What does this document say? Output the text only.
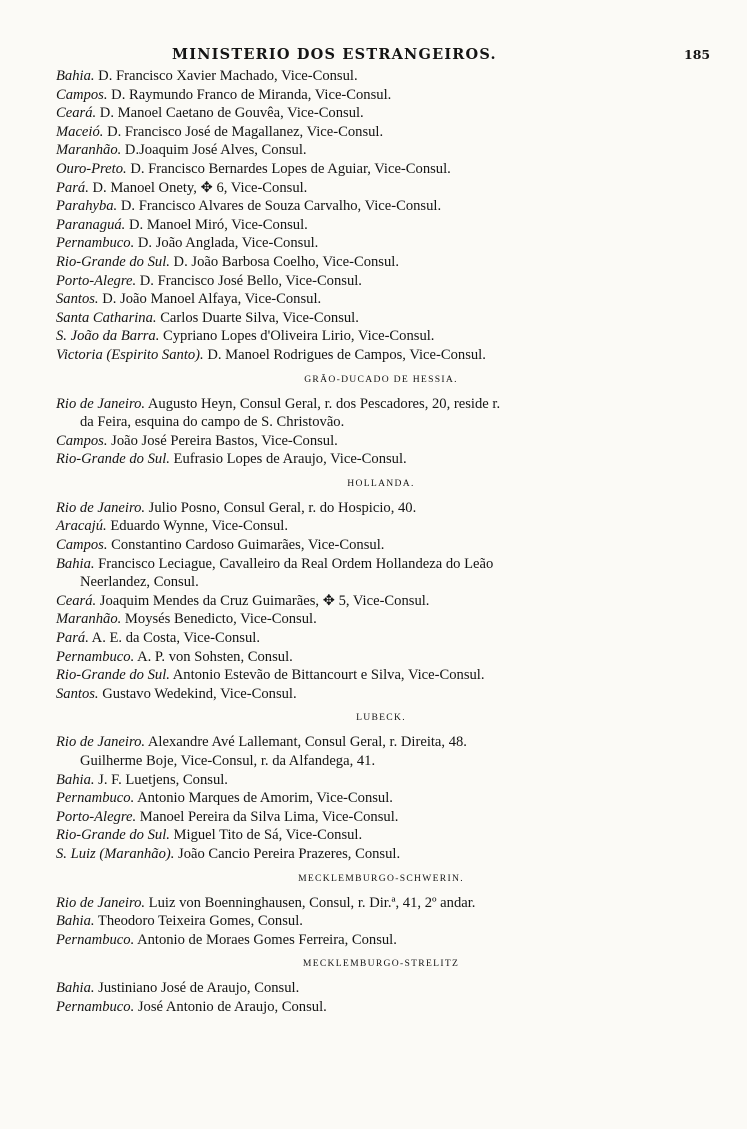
MINISTERIO DOS ESTRANGEIROS.	185
Bahia. D. Francisco Xavier Machado, Vice-Consul.
Campos. D. Raymundo Franco de Miranda, Vice-Consul.
Ceará. D. Manoel Caetano de Gouvêa, Vice-Consul.
Maceió. D. Francisco José de Magallanez, Vice-Consul.
Maranhão. D.Joaquim José Alves, Consul.
Ouro-Preto. D. Francisco Bernardes Lopes de Aguiar, Vice-Consul.
Pará. D. Manoel Onety, ✥ 6, Vice-Consul.
Parahyba. D. Francisco Alvares de Souza Carvalho, Vice-Consul.
Paranaguá. D. Manoel Miró, Vice-Consul.
Pernambuco. D. João Anglada, Vice-Consul.
Rio-Grande do Sul. D. João Barbosa Coelho, Vice-Consul.
Porto-Alegre. D. Francisco José Bello, Vice-Consul.
Santos. D. João Manoel Alfaya, Vice-Consul.
Santa Catharina. Carlos Duarte Silva, Vice-Consul.
S. João da Barra. Cypriano Lopes d'Oliveira Lirio, Vice-Consul.
Victoria (Espirito Santo). D. Manoel Rodrigues de Campos, Vice-Consul.
GRÃO-DUCADO DE HESSIA.
Rio de Janeiro. Augusto Heyn, Consul Geral, r. dos Pescadores, 20, reside r.
da Feira, esquina do campo de S. Christovão.
Campos. João José Pereira Bastos, Vice-Consul.
Rio-Grande do Sul. Eufrasio Lopes de Araujo, Vice-Consul.
HOLLANDA.
Rio de Janeiro. Julio Posno, Consul Geral, r. do Hospicio, 40.
Aracajú. Eduardo Wynne, Vice-Consul.
Campos. Constantino Cardoso Guimarães, Vice-Consul.
Bahia. Francisco Leciague, Cavalleiro da Real Ordem Hollandeza do Leão
Neerlandez, Consul.
Ceará. Joaquim Mendes da Cruz Guimarães, ✥ 5, Vice-Consul.
Maranhão. Moysés Benedicto, Vice-Consul.
Pará. A. E. da Costa, Vice-Consul.
Pernambuco. A. P. von Sohsten, Consul.
Rio-Grande do Sul. Antonio Estevão de Bittancourt e Silva, Vice-Consul.
Santos. Gustavo Wedekind, Vice-Consul.
LUBECK.
Rio de Janeiro. Alexandre Avé Lallemant, Consul Geral, r. Direita, 48.
Guilherme Boje, Vice-Consul, r. da Alfandega, 41.
Bahia. J. F. Luetjens, Consul.
Pernambuco. Antonio Marques de Amorim, Vice-Consul.
Porto-Alegre. Manoel Pereira da Silva Lima, Vice-Consul.
Rio-Grande do Sul. Miguel Tito de Sá, Vice-Consul.
S. Luiz (Maranhão). João Cancio Pereira Prazeres, Consul.
MECKLEMBURGO-SCHWERIN.
Rio de Janeiro. Luiz von Boenninghausen, Consul, r. Dir.ª, 41, 2º andar.
Bahia. Theodoro Teixeira Gomes, Consul.
Pernambuco. Antonio de Moraes Gomes Ferreira, Consul.
MECKLEMBURGO-STRELITZ
Bahia. Justiniano José de Araujo, Consul.
Pernambuco. José Antonio de Araujo, Consul.
